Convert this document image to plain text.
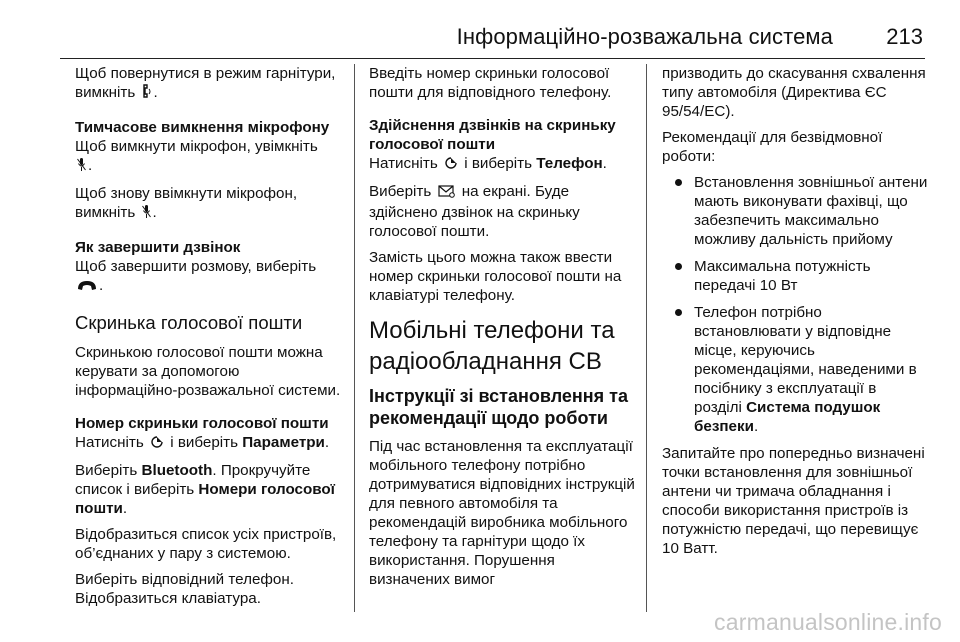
Інформаційно-розважальна система 213

Щоб повернутися в режим гарнітури, вимкніть .

Тимчасове вимкнення мікрофону

Щоб вимкнути мікрофон, увімкніть
.

Щоб знову ввімкнути мікрофон, вимкніть .

Як завершити дзвінок

Щоб завершити розмову, виберіть
.

Скринька голосової пошти

Скринькою голосової пошти можна керувати за допомогою інформаційно-розважальної системи.

Номер скриньки голосової пошти

Натисніть і виберіть Параметри.

Виберіть Bluetooth. Прокручуйте список і виберіть Номери голосової пошти.

Відобразиться список усіх пристроїв, об’єднаних у пару з системою.

Виберіть відповідний телефон. Відобразиться клавіатура.

Введіть номер скриньки голосової пошти для відповідного телефону.

Здійснення дзвінків на скриньку голосової пошти

Натисніть і виберіть Телефон.

Виберіть на екрані. Буде здійснено дзвінок на скриньку голосової пошти.

Замість цього можна також ввести номер скриньки голосової пошти на клавіатурі телефону.

Мобільні телефони та радіообладнання СВ

Інструкції зі встановлення та рекомендації щодо роботи

Під час встановлення та експлуатації мобільного телефону потрібно дотримуватися відповідних інструкцій для певного автомобіля та рекомендацій виробника мобільного телефону та гарнітури щодо їх використання. Порушення визначених вимог

призводить до скасування схвалення типу автомобіля (Директива ЄС 95/54/ЕС).

Рекомендації для безвідмовної роботи:

Встановлення зовнішньої антени мають виконувати фахівці, що забезпечить максимально можливу дальність прийому
Максимальна потужність передачі 10 Вт
Телефон потрібно встановлювати у відповідне місце, керуючись рекомендаціями, наведеними в посібнику з експлуатації в розділі Система подушок безпеки.

Запитайте про попередньо визначені точки встановлення для зовнішньої антени чи тримача обладнання і способи використання пристроїв із потужністю передачі, що перевищує 10 Ватт.

carmanualsonline.info
